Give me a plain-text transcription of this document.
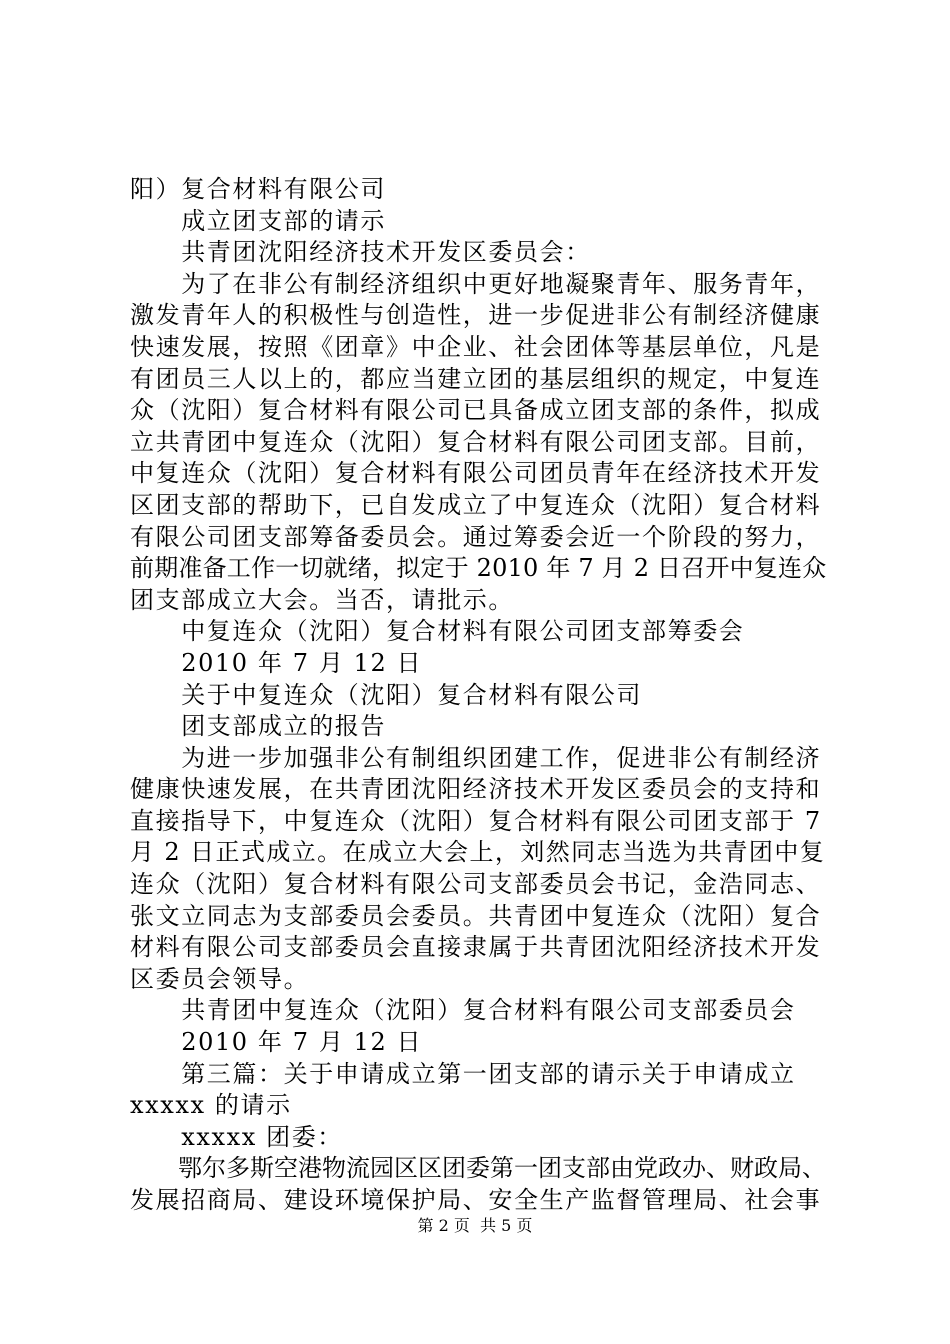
阳）复合材料有限公司
　　成立团支部的请示
　　共青团沈阳经济技术开发区委员会：
　　为了在非公有制经济组织中更好地凝聚青年、服务青年，
激发青年人的积极性与创造性，进一步促进非公有制经济健康
快速发展，按照《团章》中企业、社会团体等基层单位，凡是
有团员三人以上的，都应当建立团的基层组织的规定，中复连
众（沈阳）复合材料有限公司已具备成立团支部的条件，拟成
立共青团中复连众（沈阳）复合材料有限公司团支部。目前，
中复连众（沈阳）复合材料有限公司团员青年在经济技术开发
区团支部的帮助下，已自发成立了中复连众（沈阳）复合材料
有限公司团支部筹备委员会。通过筹委会近一个阶段的努力，
前期准备工作一切就绪，拟定于 2010 年 7 月 2 日召开中复连众
团支部成立大会。当否，请批示。
　　中复连众（沈阳）复合材料有限公司团支部筹委会
　　2010 年 7 月 12 日
　　关于中复连众（沈阳）复合材料有限公司
　　团支部成立的报告
　　为进一步加强非公有制组织团建工作，促进非公有制经济
健康快速发展，在共青团沈阳经济技术开发区委员会的支持和
直接指导下，中复连众（沈阳）复合材料有限公司团支部于 7
月 2 日正式成立。在成立大会上，刘然同志当选为共青团中复
连众（沈阳）复合材料有限公司支部委员会书记，金浩同志、
张文立同志为支部委员会委员。共青团中复连众（沈阳）复合
材料有限公司支部委员会直接隶属于共青团沈阳经济技术开发
区委员会领导。
　　共青团中复连众（沈阳）复合材料有限公司支部委员会
　　2010 年 7 月 12 日
　　第三篇：关于申请成立第一团支部的请示关于申请成立
xxxxx 的请示
　　xxxxx 团委：
　　鄂尔多斯空港物流园区区团委第一团支部由党政办、财政局、
发展招商局、建设环境保护局、安全生产监督管理局、社会事
第 2 页  共 5 页
